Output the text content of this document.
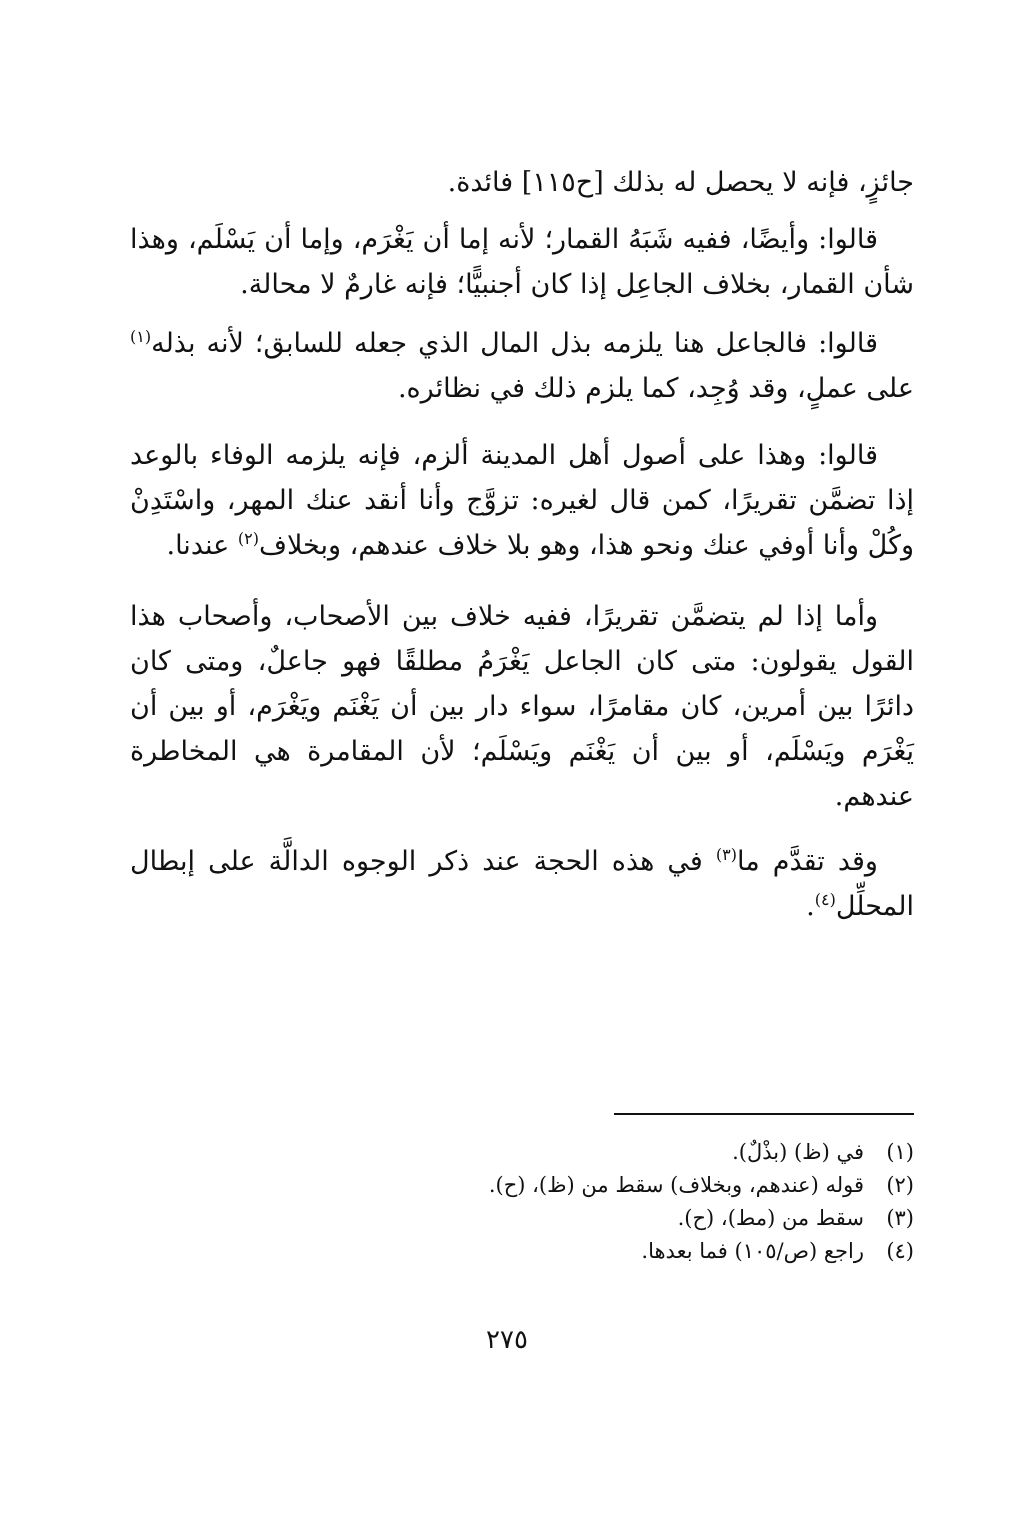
جائزٍ، فإنه لا يحصل له بذلك [ح١١٥] فائدة.

قالوا: وأيضًا، ففيه شَبَهُ القمار؛ لأنه إما أن يَغْرَم، وإما أن يَسْلَم، وهذا شأن القمار، بخلاف الجاعِل إذا كان أجنبيًّا؛ فإنه غارمٌ لا محالة.

قالوا: فالجاعل هنا يلزمه بذل المال الذي جعله للسابق؛ لأنه بذله$^{(١)}$ على عملٍ، وقد وُجِد، كما يلزم ذلك في نظائره.

قالوا: وهذا على أصول أهل المدينة ألزم، فإنه يلزمه الوفاء بالوعد إذا تضمَّن تقريرًا، كمن قال لغيره: تزوَّج وأنا أنقد عنك المهر، واسْتَدِنْ وكُلْ وأنا أوفي عنك ونحو هذا، وهو بلا خلاف عندهم، وبخلاف$^{(٢)}$ عندنا.

وأما إذا لم يتضمَّن تقريرًا، ففيه خلاف بين الأصحاب، وأصحاب هذا القول يقولون: متى كان الجاعل يَغْرَمُ مطلقًا فهو جاعلٌ، ومتى كان دائرًا بين أمرين، كان مقامرًا، سواء دار بين أن يَغْنَم ويَغْرَم، أو بين أن يَغْرَم ويَسْلَم، أو بين أن يَغْنَم ويَسْلَم؛ لأن المقامرة هي المخاطرة عندهم.

وقد تقدَّم ما$^{(٣)}$ في هذه الحجة عند ذكر الوجوه الدالَّة على إبطال المحلِّل$^{(٤)}$.

(١)
في (ظ) (بذْلٌ).

(٢)
قوله (عندهم، وبخلاف) سقط من (ظ)، (ح).

(٣)
سقط من (مط)، (ح).

(٤)
راجع (ص/١٠٥) فما بعدها.

٢٧٥
